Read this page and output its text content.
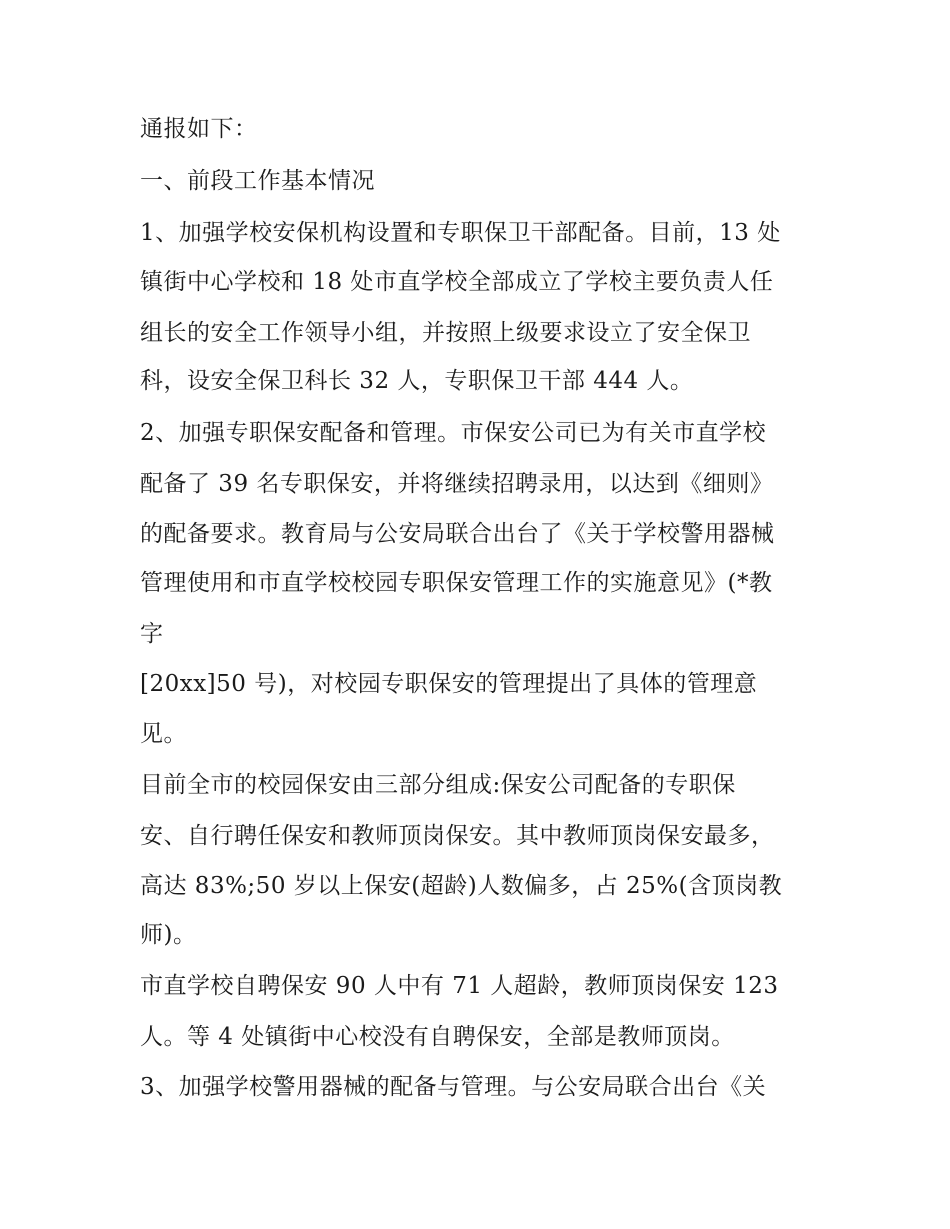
通报如下：

一、前段工作基本情况

1、加强学校安保机构设置和专职保卫干部配备。目前，13 处

镇街中心学校和 18 处市直学校全部成立了学校主要负责人任

组长的安全工作领导小组，并按照上级要求设立了安全保卫

科，设安全保卫科长 32 人，专职保卫干部 444 人。

2、加强专职保安配备和管理。市保安公司已为有关市直学校

配备了 39 名专职保安，并将继续招聘录用，以达到《细则》

的配备要求。教育局与公安局联合出台了《关于学校警用器械

管理使用和市直学校校园专职保安管理工作的实施意见》(*教

字

[20xx]50 号)，对校园专职保安的管理提出了具体的管理意

见。

目前全市的校园保安由三部分组成:保安公司配备的专职保

安、自行聘任保安和教师顶岗保安。其中教师顶岗保安最多，

高达 83%;50 岁以上保安(超龄)人数偏多，占 25%(含顶岗教

师)。

市直学校自聘保安 90 人中有 71 人超龄，教师顶岗保安 123

人。等 4 处镇街中心校没有自聘保安，全部是教师顶岗。

3、加强学校警用器械的配备与管理。与公安局联合出台《关
